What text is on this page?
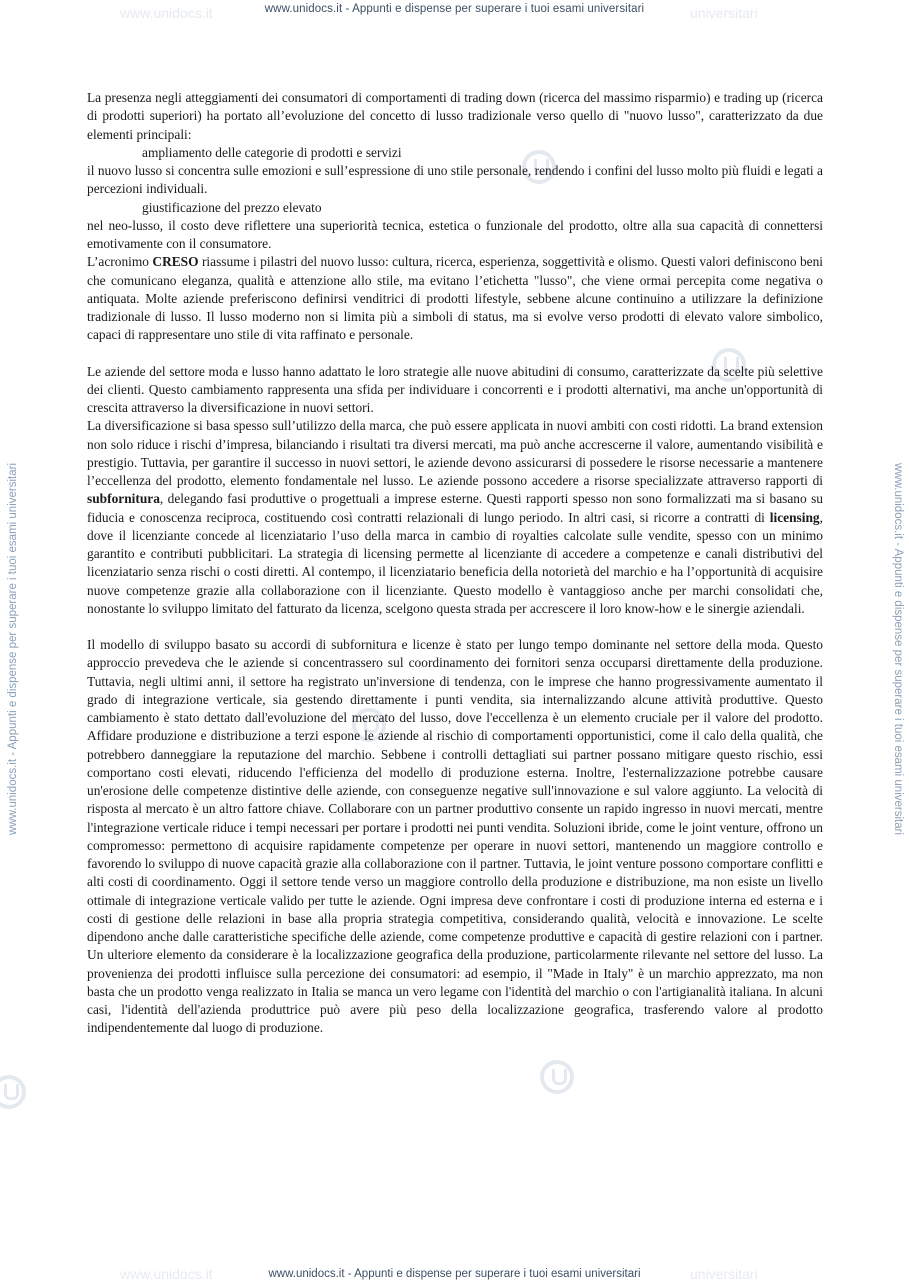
www.unidocs.it	universitari
www.unidocs.it	universitari
www.unidocs.it - Appunti e dispense per superare i tuoi esami universitari
www.unidocs.it - Appunti e dispense per superare i tuoi esami universitari	www.unidocs.it - Appunti e dispense per superare i tuoi esami universitari

La presenza negli atteggiamenti dei consumatori di comportamenti di trading down (ricerca del massimo risparmio) e trading up (ricerca di prodotti superiori) ha portato all’evoluzione del concetto di lusso tradizionale verso quello di "nuovo lusso", caratterizzato da due elementi principali:

ampliamento delle categorie di prodotti e servizi

il nuovo lusso si concentra sulle emozioni e sull’espressione di uno stile personale, rendendo i confini del lusso molto più fluidi e legati a percezioni individuali.

giustificazione del prezzo elevato

nel neo-lusso, il costo deve riflettere una superiorità tecnica, estetica o funzionale del prodotto, oltre alla sua capacità di connettersi emotivamente con il consumatore.

L’acronimo CRESO riassume i pilastri del nuovo lusso: cultura, ricerca, esperienza, soggettività e olismo. Questi valori definiscono beni che comunicano eleganza, qualità e attenzione allo stile, ma evitano l’etichetta "lusso", che viene ormai percepita come negativa o antiquata. Molte aziende preferiscono definirsi venditrici di prodotti lifestyle, sebbene alcune continuino a utilizzare la definizione tradizionale di lusso. Il lusso moderno non si limita più a simboli di status, ma si evolve verso prodotti di elevato valore simbolico, capaci di rappresentare uno stile di vita raffinato e personale.

Le aziende del settore moda e lusso hanno adattato le loro strategie alle nuove abitudini di consumo, caratterizzate da scelte più selettive dei clienti. Questo cambiamento rappresenta una sfida per individuare i concorrenti e i prodotti alternativi, ma anche un'opportunità di crescita attraverso la diversificazione in nuovi settori.

La diversificazione si basa spesso sull’utilizzo della marca, che può essere applicata in nuovi ambiti con costi ridotti. La brand extension non solo riduce i rischi d’impresa, bilanciando i risultati tra diversi mercati, ma può anche accrescerne il valore, aumentando visibilità e prestigio. Tuttavia, per garantire il successo in nuovi settori, le aziende devono assicurarsi di possedere le risorse necessarie a mantenere l’eccellenza del prodotto, elemento fondamentale nel lusso. Le aziende possono accedere a risorse specializzate attraverso rapporti di subfornitura, delegando fasi produttive o progettuali a imprese esterne. Questi rapporti spesso non sono formalizzati ma si basano su fiducia e conoscenza reciproca, costituendo così contratti relazionali di lungo periodo. In altri casi, si ricorre a contratti di licensing, dove il licenziante concede al licenziatario l’uso della marca in cambio di royalties calcolate sulle vendite, spesso con un minimo garantito e contributi pubblicitari. La strategia di licensing permette al licenziante di accedere a competenze e canali distributivi del licenziatario senza rischi o costi diretti. Al contempo, il licenziatario beneficia della notorietà del marchio e ha l’opportunità di acquisire nuove competenze grazie alla collaborazione con il licenziante. Questo modello è vantaggioso anche per marchi consolidati che, nonostante lo sviluppo limitato del fatturato da licenza, scelgono questa strada per accrescere il loro know-how e le sinergie aziendali.

Il modello di sviluppo basato su accordi di subfornitura e licenze è stato per lungo tempo dominante nel settore della moda. Questo approccio prevedeva che le aziende si concentrassero sul coordinamento dei fornitori senza occuparsi direttamente della produzione. Tuttavia, negli ultimi anni, il settore ha registrato un'inversione di tendenza, con le imprese che hanno progressivamente aumentato il grado di integrazione verticale, sia gestendo direttamente i punti vendita, sia internalizzando alcune attività produttive. Questo cambiamento è stato dettato dall'evoluzione del mercato del lusso, dove l'eccellenza è un elemento cruciale per il valore del prodotto. Affidare produzione e distribuzione a terzi espone le aziende al rischio di comportamenti opportunistici, come il calo della qualità, che potrebbero danneggiare la reputazione del marchio. Sebbene i controlli dettagliati sui partner possano mitigare questo rischio, essi comportano costi elevati, riducendo l'efficienza del modello di produzione esterna. Inoltre, l'esternalizzazione potrebbe causare un'erosione delle competenze distintive delle aziende, con conseguenze negative sull'innovazione e sul valore aggiunto. La velocità di risposta al mercato è un altro fattore chiave. Collaborare con un partner produttivo consente un rapido ingresso in nuovi mercati, mentre l'integrazione verticale riduce i tempi necessari per portare i prodotti nei punti vendita. Soluzioni ibride, come le joint venture, offrono un compromesso: permettono di acquisire rapidamente competenze per operare in nuovi settori, mantenendo un maggiore controllo e favorendo lo sviluppo di nuove capacità grazie alla collaborazione con il partner. Tuttavia, le joint venture possono comportare conflitti e alti costi di coordinamento. Oggi il settore tende verso un maggiore controllo della produzione e distribuzione, ma non esiste un livello ottimale di integrazione verticale valido per tutte le aziende. Ogni impresa deve confrontare i costi di produzione interna ed esterna e i costi di gestione delle relazioni in base alla propria strategia competitiva, considerando qualità, velocità e innovazione. Le scelte dipendono anche dalle caratteristiche specifiche delle aziende, come competenze produttive e capacità di gestire relazioni con i partner. Un ulteriore elemento da considerare è la localizzazione geografica della produzione, particolarmente rilevante nel settore del lusso. La provenienza dei prodotti influisce sulla percezione dei consumatori: ad esempio, il "Made in Italy" è un marchio apprezzato, ma non basta che un prodotto venga realizzato in Italia se manca un vero legame con l'identità del marchio o con l'artigianalità italiana. In alcuni casi, l'identità dell'azienda produttrice può avere più peso della localizzazione geografica, trasferendo valore al prodotto indipendentemente dal luogo di produzione.

www.unidocs.it - Appunti e dispense per superare i tuoi esami universitari
